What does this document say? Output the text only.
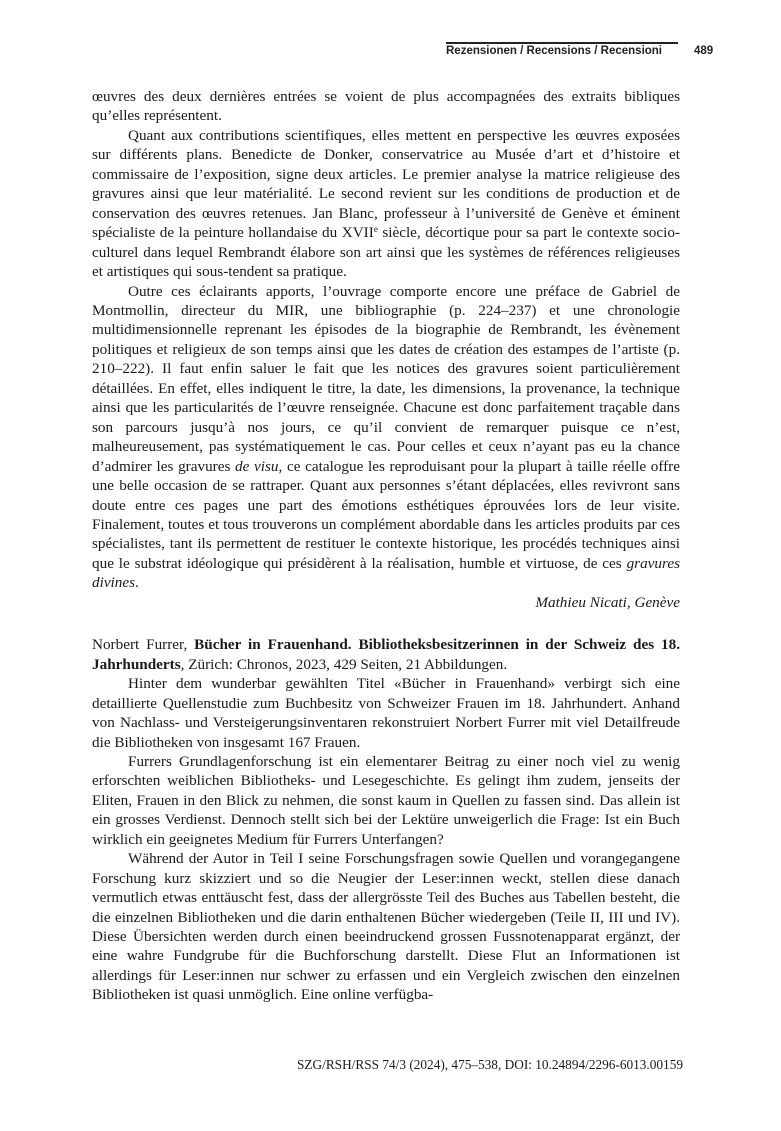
Rezensionen / Recensions / Recensioni	489

œuvres des deux dernières entrées se voient de plus accompagnées des extraits bibliques qu’elles représentent.

Quant aux contributions scientifiques, elles mettent en perspective les œuvres exposées sur différents plans. Benedicte de Donker, conservatrice au Musée d’art et d’histoire et commissaire de l’exposition, signe deux articles. Le premier analyse la matrice religieuse des gravures ainsi que leur matérialité. Le second revient sur les conditions de production et de conservation des œuvres retenues. Jan Blanc, professeur à l’université de Genève et éminent spécialiste de la peinture hollandaise du XVIIe siècle, décortique pour sa part le contexte socio-culturel dans lequel Rembrandt élabore son art ainsi que les systèmes de références religieuses et artistiques qui sous-tendent sa pratique.

Outre ces éclairants apports, l’ouvrage comporte encore une préface de Gabriel de Montmollin, directeur du MIR, une bibliographie (p. 224–237) et une chronologie multidimensionnelle reprenant les épisodes de la biographie de Rembrandt, les évènement politiques et religieux de son temps ainsi que les dates de création des estampes de l’artiste (p. 210–222). Il faut enfin saluer le fait que les notices des gravures soient particulièrement détaillées. En effet, elles indiquent le titre, la date, les dimensions, la provenance, la technique ainsi que les particularités de l’œuvre renseignée. Chacune est donc parfaitement traçable dans son parcours jusqu’à nos jours, ce qu’il convient de remarquer puisque ce n’est, malheureusement, pas systématiquement le cas. Pour celles et ceux n’ayant pas eu la chance d’admirer les gravures de visu, ce catalogue les reproduisant pour la plupart à taille réelle offre une belle occasion de se rattraper. Quant aux personnes s’étant déplacées, elles revivront sans doute entre ces pages une part des émotions esthétiques éprouvées lors de leur visite. Finalement, toutes et tous trouverons un complément abordable dans les articles produits par ces spécialistes, tant ils permettent de restituer le contexte historique, les procédés techniques ainsi que le substrat idéologique qui présidèrent à la réalisation, humble et virtuose, de ces gravures divines.

Mathieu Nicati, Genève

Norbert Furrer, Bücher in Frauenhand. Bibliotheksbesitzerinnen in der Schweiz des 18. Jahrhunderts, Zürich: Chronos, 2023, 429 Seiten, 21 Abbildungen.

Hinter dem wunderbar gewählten Titel «Bücher in Frauenhand» verbirgt sich eine detaillierte Quellenstudie zum Buchbesitz von Schweizer Frauen im 18. Jahrhundert. Anhand von Nachlass- und Versteigerungsinventaren rekonstruiert Norbert Furrer mit viel Detailfreude die Bibliotheken von insgesamt 167 Frauen.

Furrers Grundlagenforschung ist ein elementarer Beitrag zu einer noch viel zu wenig erforschten weiblichen Bibliotheks- und Lesegeschichte. Es gelingt ihm zudem, jenseits der Eliten, Frauen in den Blick zu nehmen, die sonst kaum in Quellen zu fassen sind. Das allein ist ein grosses Verdienst. Dennoch stellt sich bei der Lektüre unweigerlich die Frage: Ist ein Buch wirklich ein geeignetes Medium für Furrers Unterfangen?

Während der Autor in Teil I seine Forschungsfragen sowie Quellen und vorangegangene Forschung kurz skizziert und so die Neugier der Leser:innen weckt, stellen diese danach vermutlich etwas enttäuscht fest, dass der allergrösste Teil des Buches aus Tabellen besteht, die die einzelnen Bibliotheken und die darin enthaltenen Bücher wiedergeben (Teile II, III und IV). Diese Übersichten werden durch einen beeindruckend grossen Fussnotenapparat ergänzt, der eine wahre Fundgrube für die Buchforschung darstellt. Diese Flut an Informationen ist allerdings für Leser:innen nur schwer zu erfassen und ein Vergleich zwischen den einzelnen Bibliotheken ist quasi unmöglich. Eine online verfügba-

SZG/RSH/RSS 74/3 (2024), 475–538, DOI: 10.24894/2296-6013.00159
